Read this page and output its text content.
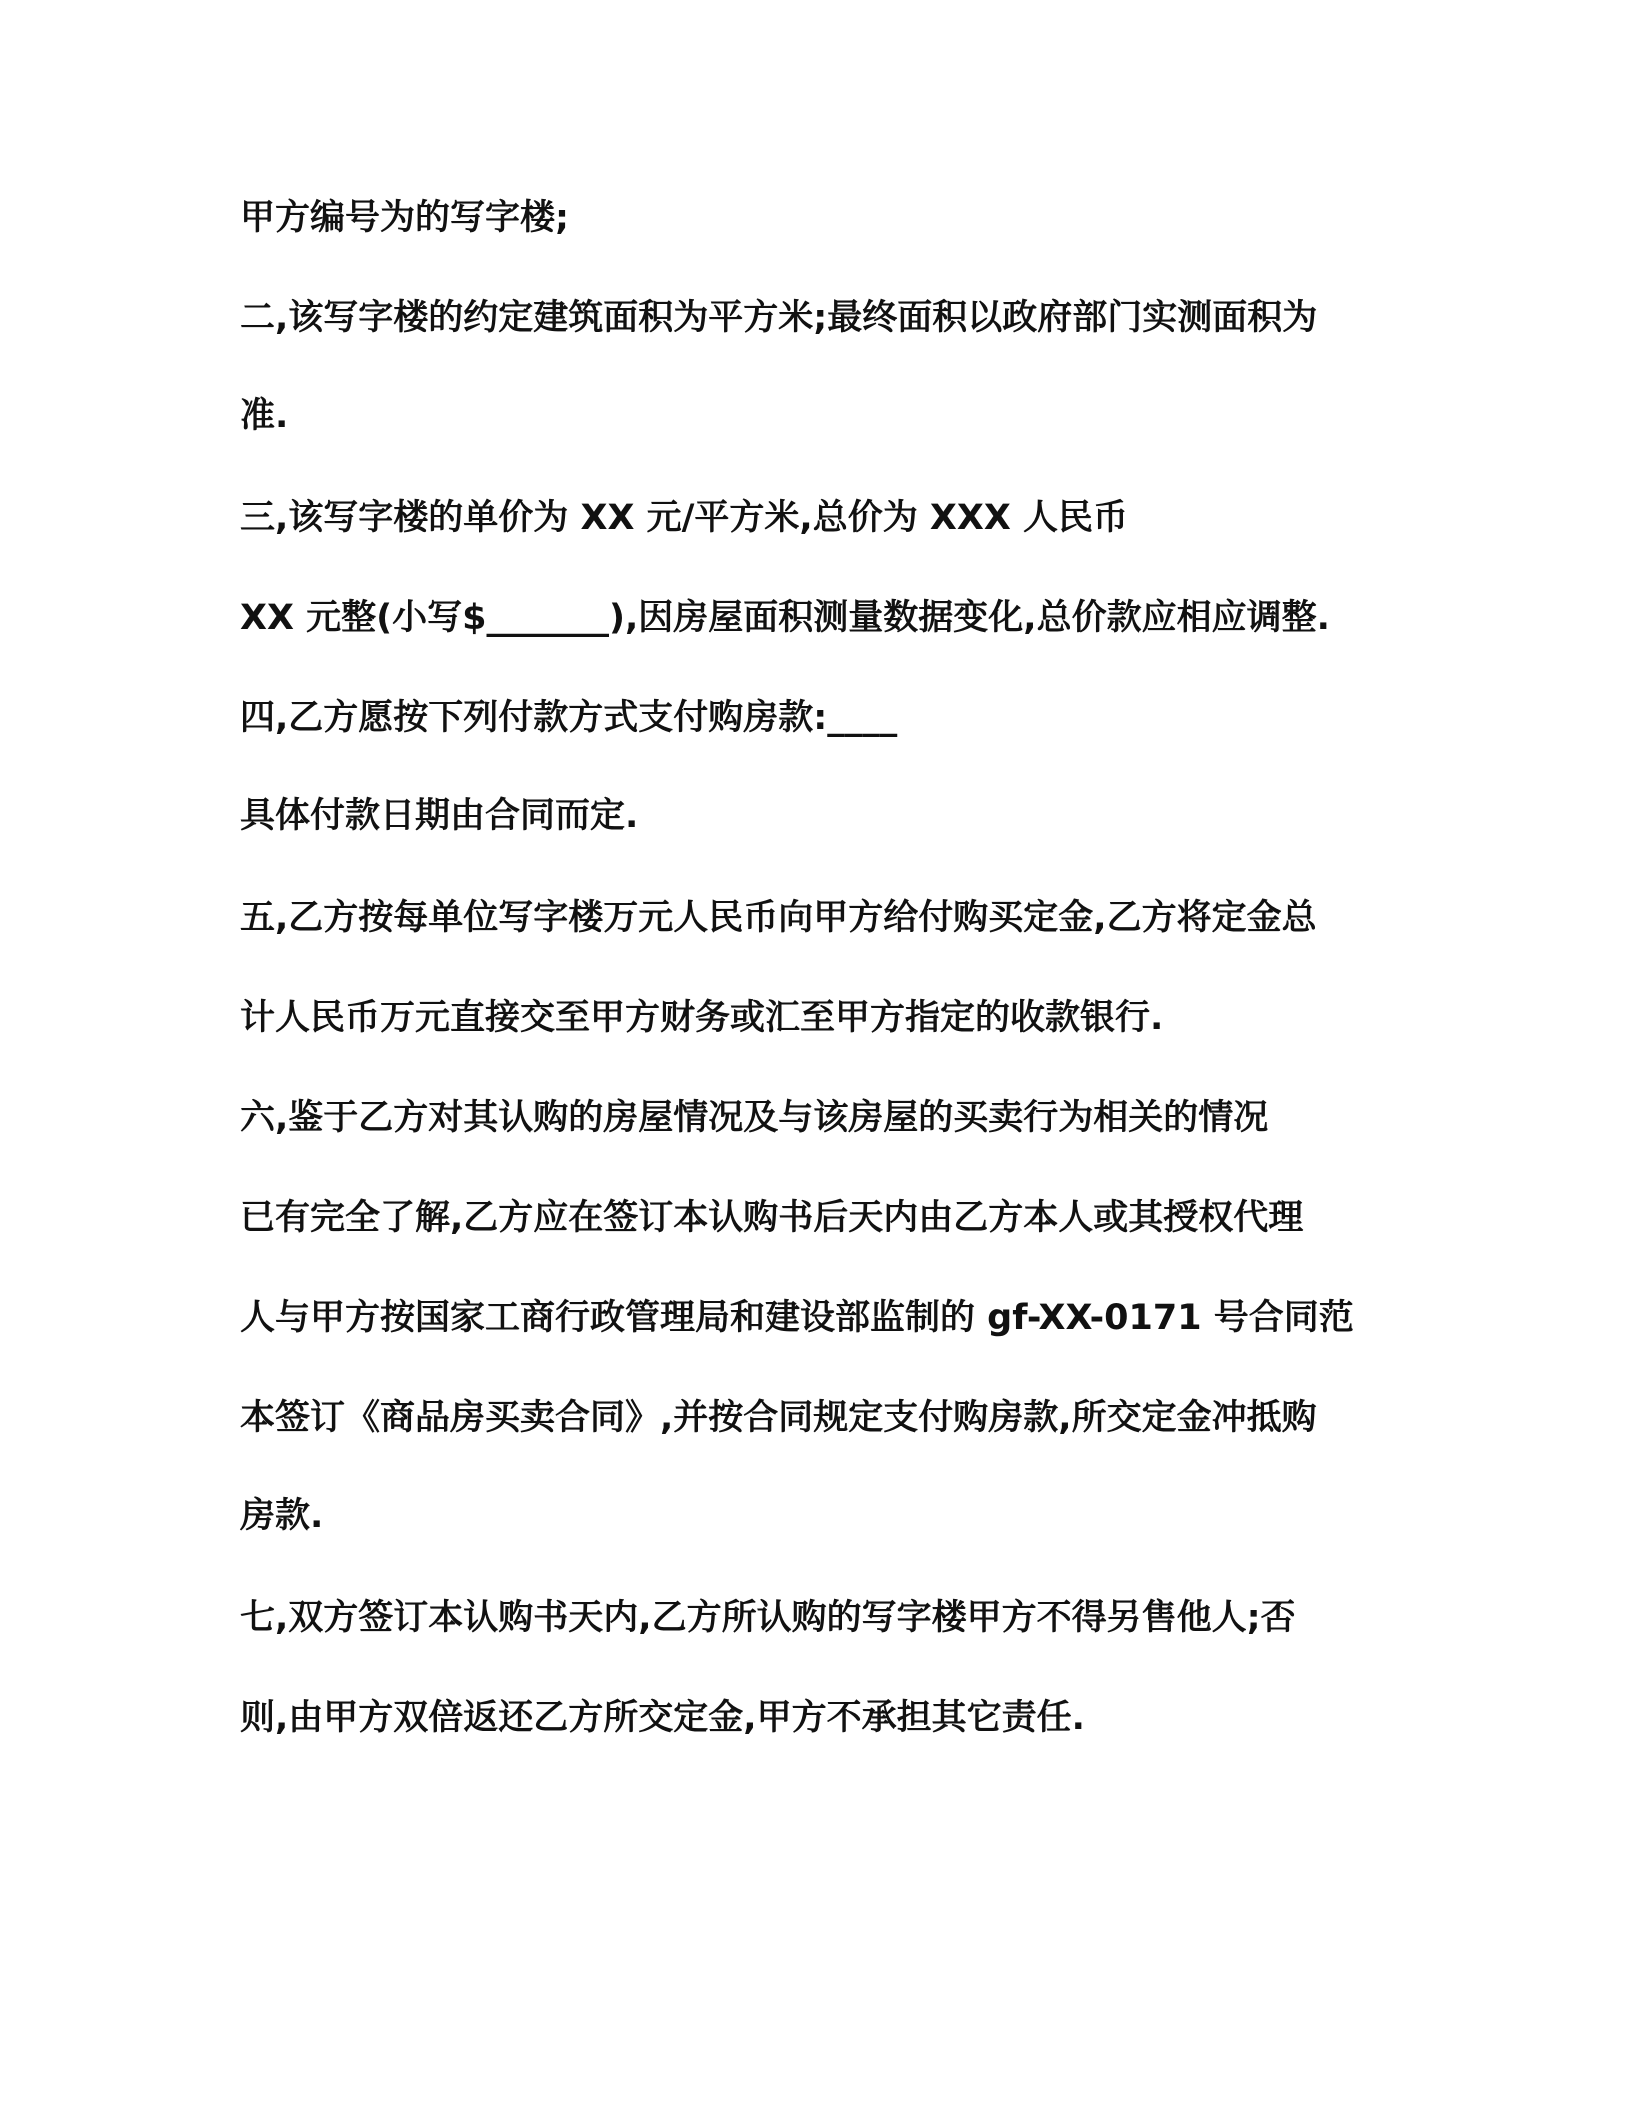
甲方编号为的写字楼;
二,该写字楼的约定建筑面积为平方米;最终面积以政府部门实测面积为
准.
三,该写字楼的单价为 XX 元/平方米,总价为 XXX 人民币
XX 元整(小写$_______),因房屋面积测量数据变化,总价款应相应调整.
四,乙方愿按下列付款方式支付购房款:____
具体付款日期由合同而定.
五,乙方按每单位写字楼万元人民币向甲方给付购买定金,乙方将定金总
计人民币万元直接交至甲方财务或汇至甲方指定的收款银行.
六,鉴于乙方对其认购的房屋情况及与该房屋的买卖行为相关的情况
已有完全了解,乙方应在签订本认购书后天内由乙方本人或其授权代理
人与甲方按国家工商行政管理局和建设部监制的 gf-XX-0171 号合同范
本签订《商品房买卖合同》,并按合同规定支付购房款,所交定金冲抵购
房款.
七,双方签订本认购书天内,乙方所认购的写字楼甲方不得另售他人;否
则,由甲方双倍返还乙方所交定金,甲方不承担其它责任.
